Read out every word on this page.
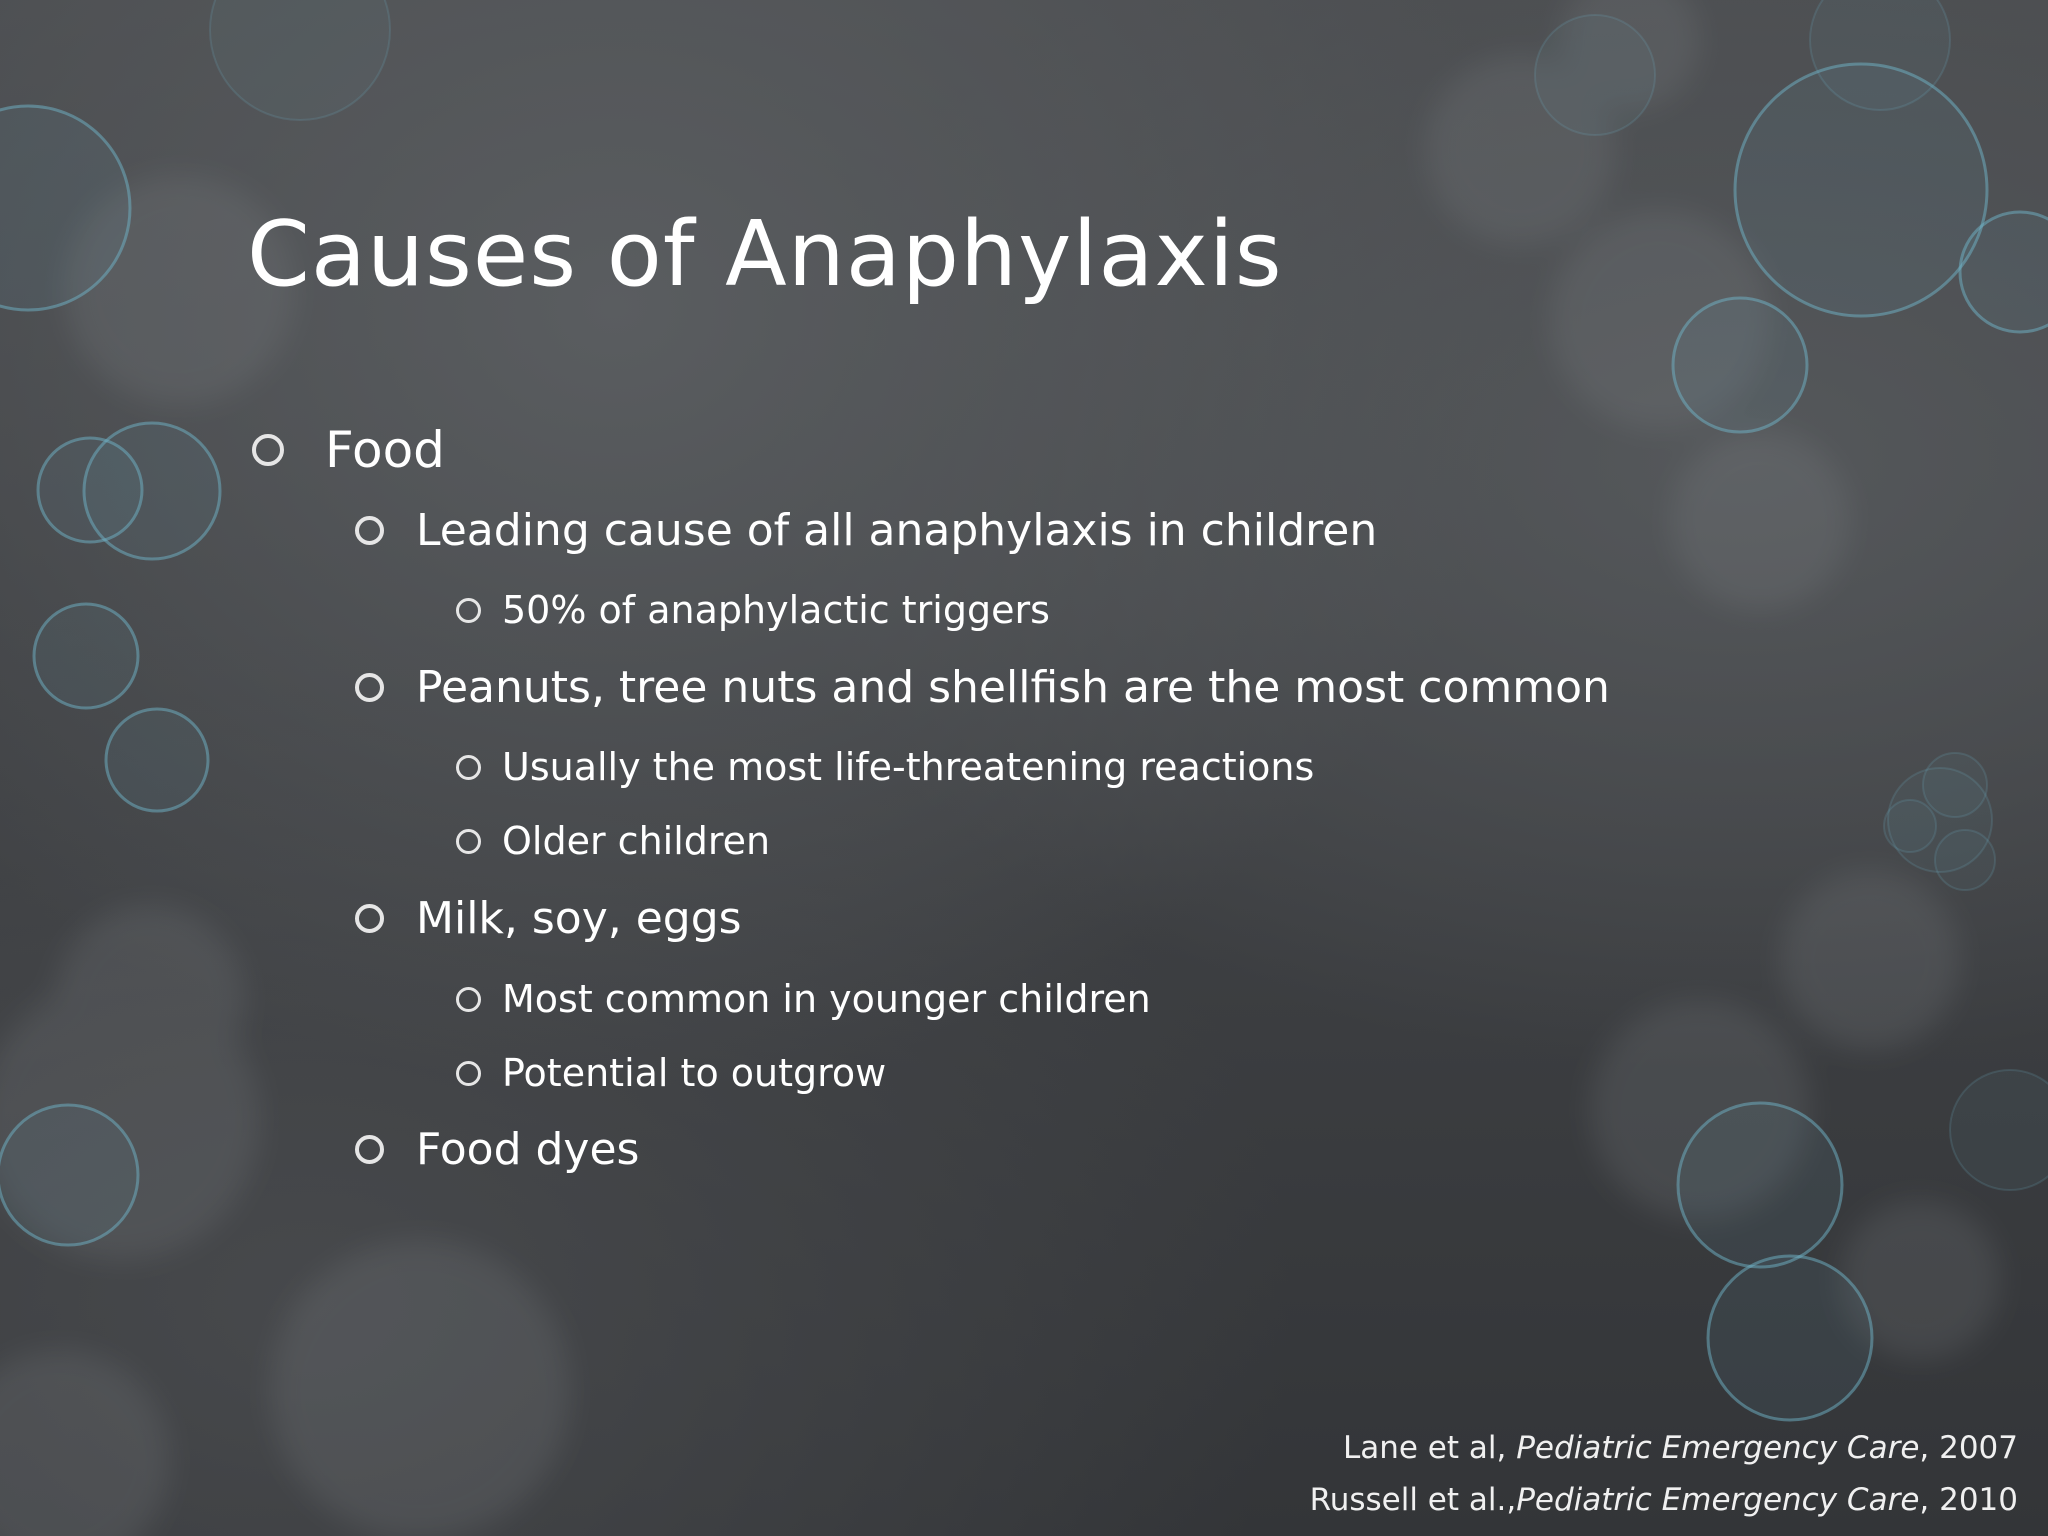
Causes of Anaphylaxis
Food
Leading cause of all anaphylaxis in children
50% of anaphylactic triggers
Peanuts, tree nuts and shellfish are the most common
Usually the most life-threatening reactions
Older children
Milk, soy, eggs
Most common in younger children
Potential to outgrow
Food dyes
Lane et al, Pediatric Emergency Care, 2007
Russell et al.,Pediatric Emergency Care, 2010
